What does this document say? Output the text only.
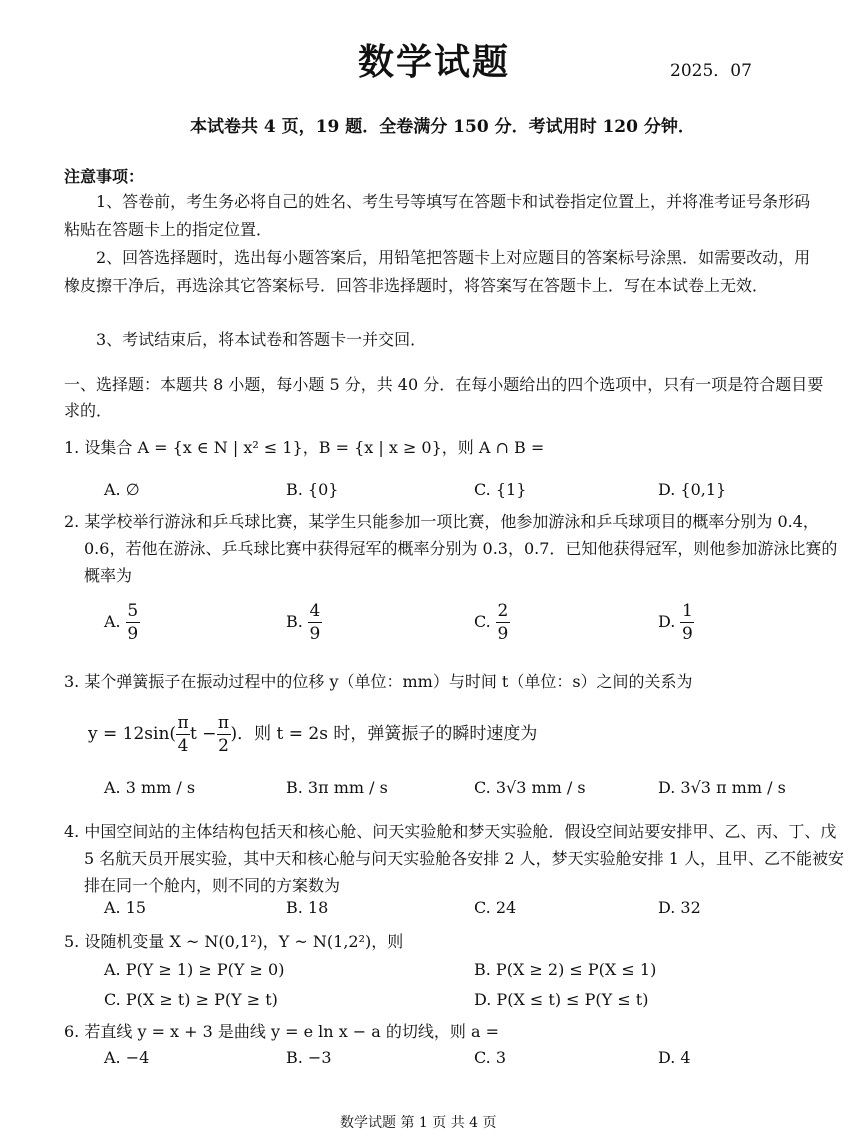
数学试题	2025．07
本试卷共 4 页，19 题．全卷满分 150 分．考试用时 120 分钟．
注意事项：
1、答卷前，考生务必将自己的姓名、考生号等填写在答题卡和试卷指定位置上，并将准考证号条形码粘贴在答题卡上的指定位置．
2、回答选择题时，选出每小题答案后，用铅笔把答题卡上对应题目的答案标号涂黑．如需要改动，用橡皮擦干净后，再选涂其它答案标号．回答非选择题时，将答案写在答题卡上．写在本试卷上无效．
3、考试结束后，将本试卷和答题卡一并交回．
一、选择题：本题共 8 小题，每小题 5 分，共 40 分．在每小题给出的四个选项中，只有一项是符合题目要求的．
1. 设集合 A = {x ∈ N | x² ≤ 1}，B = {x | x ≥ 0}，则 A ∩ B =
A. ∅	B. {0}	C. {1}	D. {0,1}
2. 某学校举行游泳和乒乓球比赛，某学生只能参加一项比赛，他参加游泳和乒乓球项目的概率分别为 0.4，0.6，若他在游泳、乒乓球比赛中获得冠军的概率分别为 0.3，0.7．已知他获得冠军，则他参加游泳比赛的概率为
A. $\frac{5}{9}$	B. $\frac{4}{9}$	C. $\frac{2}{9}$	D. $\frac{1}{9}$
3. 某个弹簧振子在振动过程中的位移 y（单位：mm）与时间 t（单位：s）之间的关系为
$y = 12\sin( \frac{\pi}{4}$ $t - \frac{\pi}{2}$ )．则 t = 2s 时，弹簧振子的瞬时速度为
A. 3 mm / s	B. 3π mm / s	C. 3√3 mm / s	D. 3√3 π mm / s
4. 中国空间站的主体结构包括天和核心舱、问天实验舱和梦天实验舱．假设空间站要安排甲、乙、丙、丁、戊 5 名航天员开展实验，其中天和核心舱与问天实验舱各安排 2 人，梦天实验舱安排 1 人，且甲、乙不能被安排在同一个舱内，则不同的方案数为
A. 15	B. 18	C. 24	D. 32
5. 设随机变量 X ~ N(0,1²)，Y ~ N(1,2²)，则
A. P(Y ≥ 1) ≥ P(Y ≥ 0)	B. P(X ≥ 2) ≤ P(X ≤ 1)
C. P(X ≥ t) ≥ P(Y ≥ t)	D. P(X ≤ t) ≤ P(Y ≤ t)
6. 若直线 y = x + 3 是曲线 y = e ln x − a 的切线，则 a =
A. −4	B. −3	C. 3	D. 4
数学试题 第 1 页 共 4 页
